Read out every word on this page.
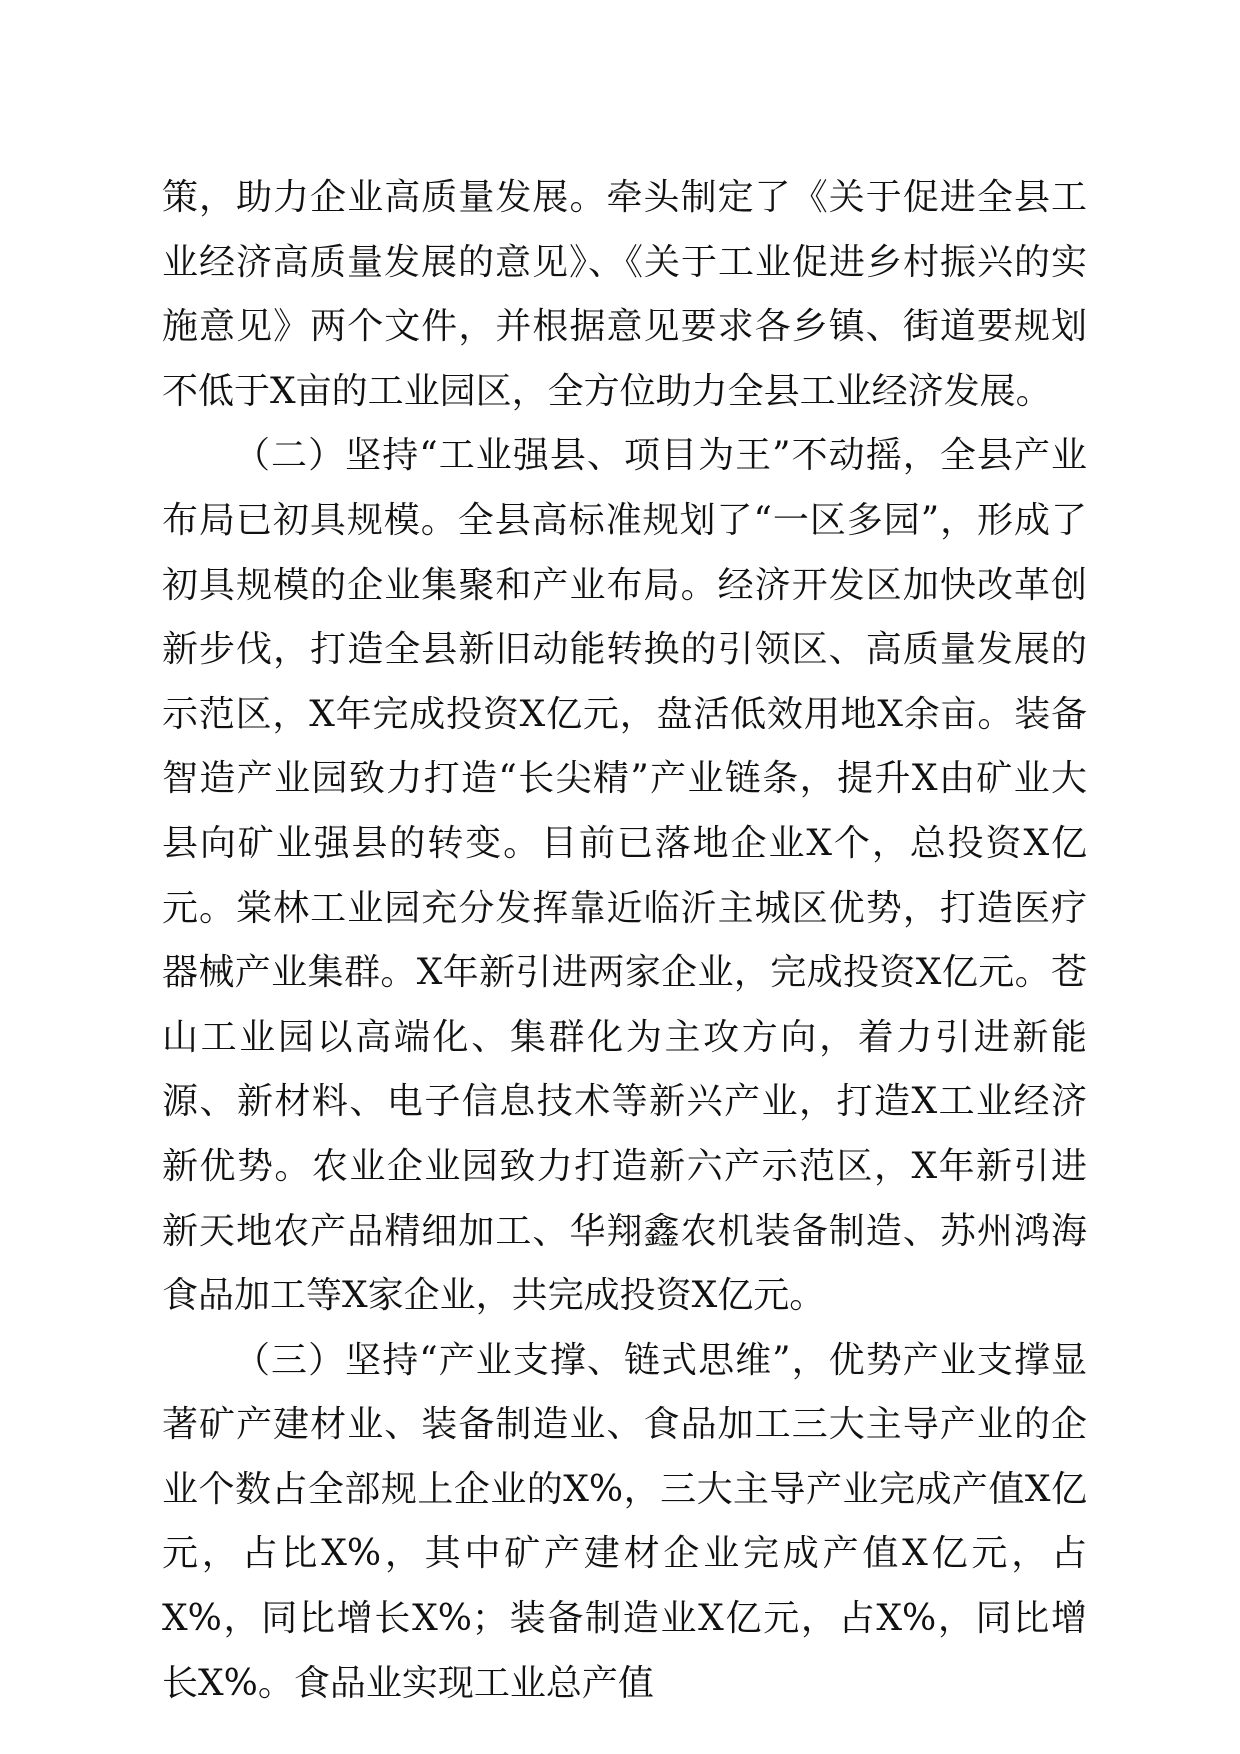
策，助力企业高质量发展。牵头制定了《关于促进全县工业经济高质量发展的意见》、《关于工业促进乡村振兴的实施意见》两个文件，并根据意见要求各乡镇、街道要规划不低于X亩的工业园区，全方位助力全县工业经济发展。

（二）坚持“工业强县、项目为王”不动摇，全县产业布局已初具规模。全县高标准规划了“一区多园”，形成了初具规模的企业集聚和产业布局。经济开发区加快改革创新步伐，打造全县新旧动能转换的引领区、高质量发展的示范区，X年完成投资X亿元，盘活低效用地X余亩。装备智造产业园致力打造“长尖精”产业链条，提升X由矿业大县向矿业强县的转变。目前已落地企业X个，总投资X亿元。棠林工业园充分发挥靠近临沂主城区优势，打造医疗器械产业集群。X年新引进两家企业，完成投资X亿元。苍山工业园以高端化、集群化为主攻方向，着力引进新能源、新材料、电子信息技术等新兴产业，打造X工业经济新优势。农业企业园致力打造新六产示范区，X年新引进新天地农产品精细加工、华翔鑫农机装备制造、苏州鸿海食品加工等X家企业，共完成投资X亿元。

（三）坚持“产业支撑、链式思维”，优势产业支撑显著矿产建材业、装备制造业、食品加工三大主导产业的企业个数占全部规上企业的X%，三大主导产业完成产值X亿元，占比X%，其中矿产建材企业完成产值X亿元，占X%，同比增长X%；装备制造业X亿元，占X%，同比增长X%。食品业实现工业总产值
